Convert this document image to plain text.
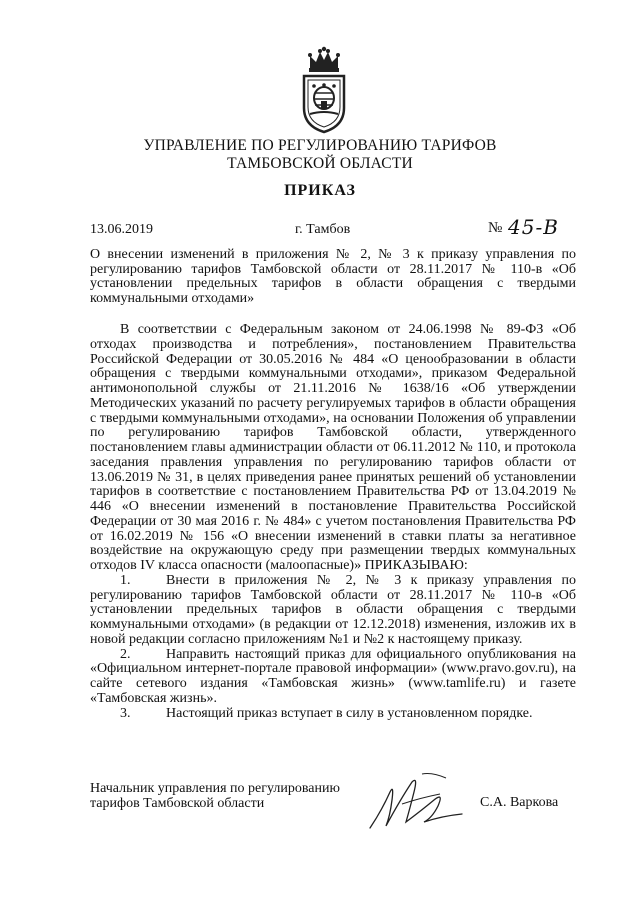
УПРАВЛЕНИЕ ПО РЕГУЛИРОВАНИЮ ТАРИФОВ
ТАМБОВСКОЙ ОБЛАСТИ
ПРИКАЗ
13.06.2019	г. Тамбов	№ 45-В
О внесении изменений в приложения № 2, № 3 к приказу управления по регулированию тарифов Тамбовской области от 28.11.2017 № 110-в «Об установлении предельных тарифов в области обращения с твердыми коммунальными отходами»

В соответствии с Федеральным законом от 24.06.1998 № 89-ФЗ «Об отходах производства и потребления», постановлением Правительства Российской Федерации от 30.05.2016 № 484 «О ценообразовании в области обращения с твердыми коммунальными отходами», приказом Федеральной антимонопольной службы от 21.11.2016 № 1638/16 «Об утверждении Методических указаний по расчету регулируемых тарифов в области обращения с твердыми коммунальными отходами», на основании Положения об управлении по регулированию тарифов Тамбовской области, утвержденного постановлением главы администрации области от 06.11.2012 № 110, и протокола заседания правления управления по регулированию тарифов области от 13.06.2019 № 31, в целях приведения ранее принятых решений об установлении тарифов в соответствие с постановлением Правительства РФ от 13.04.2019 № 446 «О внесении изменений в постановление Правительства Российской Федерации от 30 мая 2016 г. № 484» с учетом постановления Правительства РФ от 16.02.2019 № 156 «О внесении изменений в ставки платы за негативное воздействие на окружающую среду при размещении твердых коммунальных отходов IV класса опасности (малоопасные)» ПРИКАЗЫВАЮ:

1.	Внести в приложения № 2, № 3 к приказу управления по регулированию тарифов Тамбовской области от 28.11.2017 № 110-в «Об установлении предельных тарифов в области обращения с твердыми коммунальными отходами» (в редакции от 12.12.2018) изменения, изложив их в новой редакции согласно приложениям №1 и №2 к настоящему приказу.

2.	Направить настоящий приказ для официального опубликования на «Официальном интернет-портале правовой информации» (www.pravo.gov.ru), на сайте сетевого издания «Тамбовская жизнь» (www.tamlife.ru) и газете «Тамбовская жизнь».

3.	Настоящий приказ вступает в силу в установленном порядке.

Начальник управления по регулированию
тарифов Тамбовской области	С.А. Варкова
